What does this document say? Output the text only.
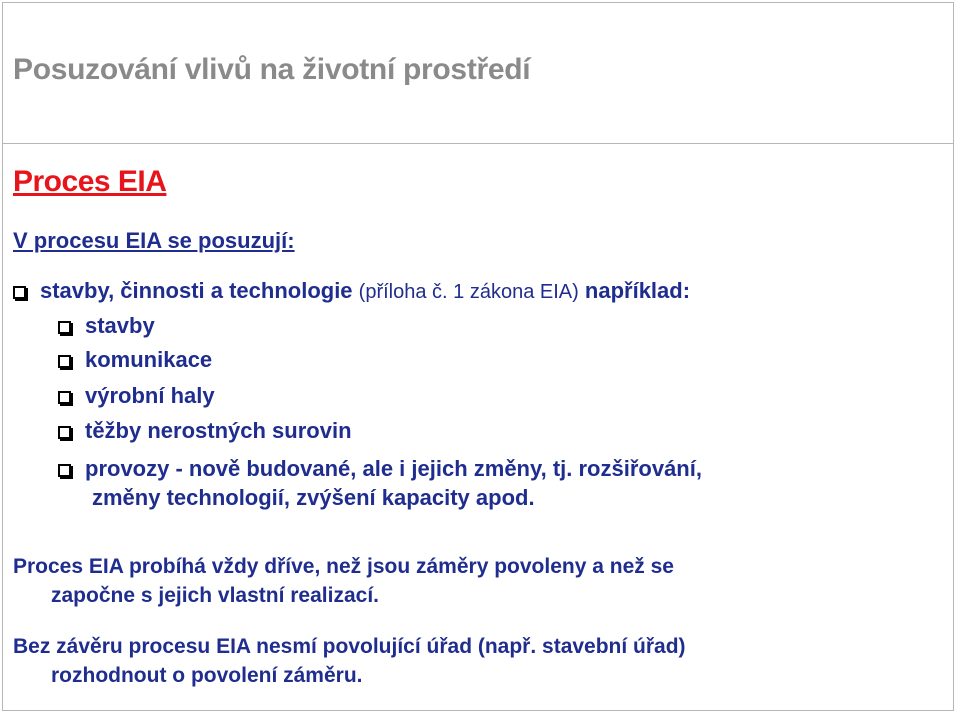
Posuzování vlivů na životní prostředí
Proces EIA
V procesu EIA se posuzují:
stavby, činnosti a technologie (příloha č. 1 zákona EIA) například:
stavby
komunikace
výrobní haly
těžby nerostných surovin
provozy - nově budované, ale i jejich změny, tj. rozšiřování,
změny technologií, zvýšení kapacity apod.

Proces EIA probíhá vždy dříve, než jsou záměry povoleny a než se
započne s jejich vlastní realizací.

Bez závěru procesu EIA nesmí povolující úřad (např. stavební úřad)
rozhodnout o povolení záměru.
